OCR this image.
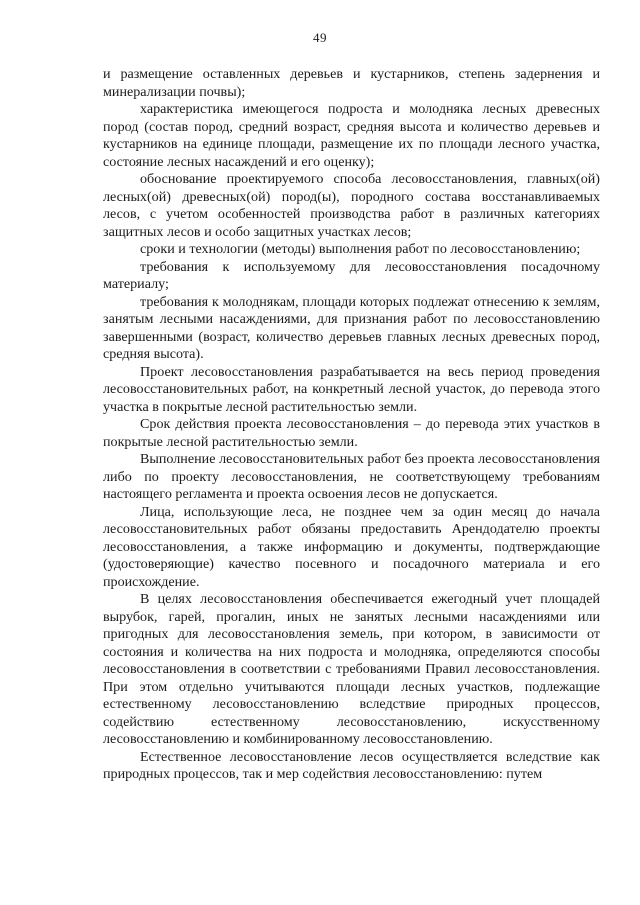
49

и размещение оставленных деревьев и кустарников, степень задернения и минерализации почвы);

характеристика имеющегося подроста и молодняка лесных древесных пород (состав пород, средний возраст, средняя высота и количество деревьев и кустарников на единице площади, размещение их по площади лесного участка, состояние лесных насаждений и его оценку);

обоснование проектируемого способа лесовосстановления, главных(ой) лесных(ой) древесных(ой) пород(ы), породного состава восстанавливаемых лесов, с учетом особенностей производства работ в различных категориях защитных лесов и особо защитных участках лесов;

сроки и технологии (методы) выполнения работ по лесовосстановлению;

требования к используемому для лесовосстановления посадочному материалу;

требования к молоднякам, площади которых подлежат отнесению к землям, занятым лесными насаждениями, для признания работ по лесовосстановлению завершенными (возраст, количество деревьев главных лесных древесных пород, средняя высота).

Проект лесовосстановления разрабатывается на весь период проведения лесовосстановительных работ, на конкретный лесной участок, до перевода этого участка в покрытые лесной растительностью земли.

Срок действия проекта лесовосстановления – до перевода этих участков в покрытые лесной растительностью земли.

Выполнение лесовосстановительных работ без проекта лесовосстановления либо по проекту лесовосстановления, не соответствующему требованиям настоящего регламента и проекта освоения лесов не допускается.

Лица, использующие леса, не позднее чем за один месяц до начала лесовосстановительных работ обязаны предоставить Арендодателю проекты лесовосстановления, а также информацию и документы, подтверждающие (удостоверяющие) качество посевного и посадочного материала и его происхождение.

В целях лесовосстановления обеспечивается ежегодный учет площадей вырубок, гарей, прогалин, иных не занятых лесными насаждениями или пригодных для лесовосстановления земель, при котором, в зависимости от состояния и количества на них подроста и молодняка, определяются способы лесовосстановления в соответствии с требованиями Правил лесовосстановления. При этом отдельно учитываются площади лесных участков, подлежащие естественному лесовосстановлению вследствие природных процессов, содействию естественному лесовосстановлению, искусственному лесовосстановлению и комбинированному лесовосстановлению.

Естественное лесовосстановление лесов осуществляется вследствие как природных процессов, так и мер содействия лесовосстановлению: путем
